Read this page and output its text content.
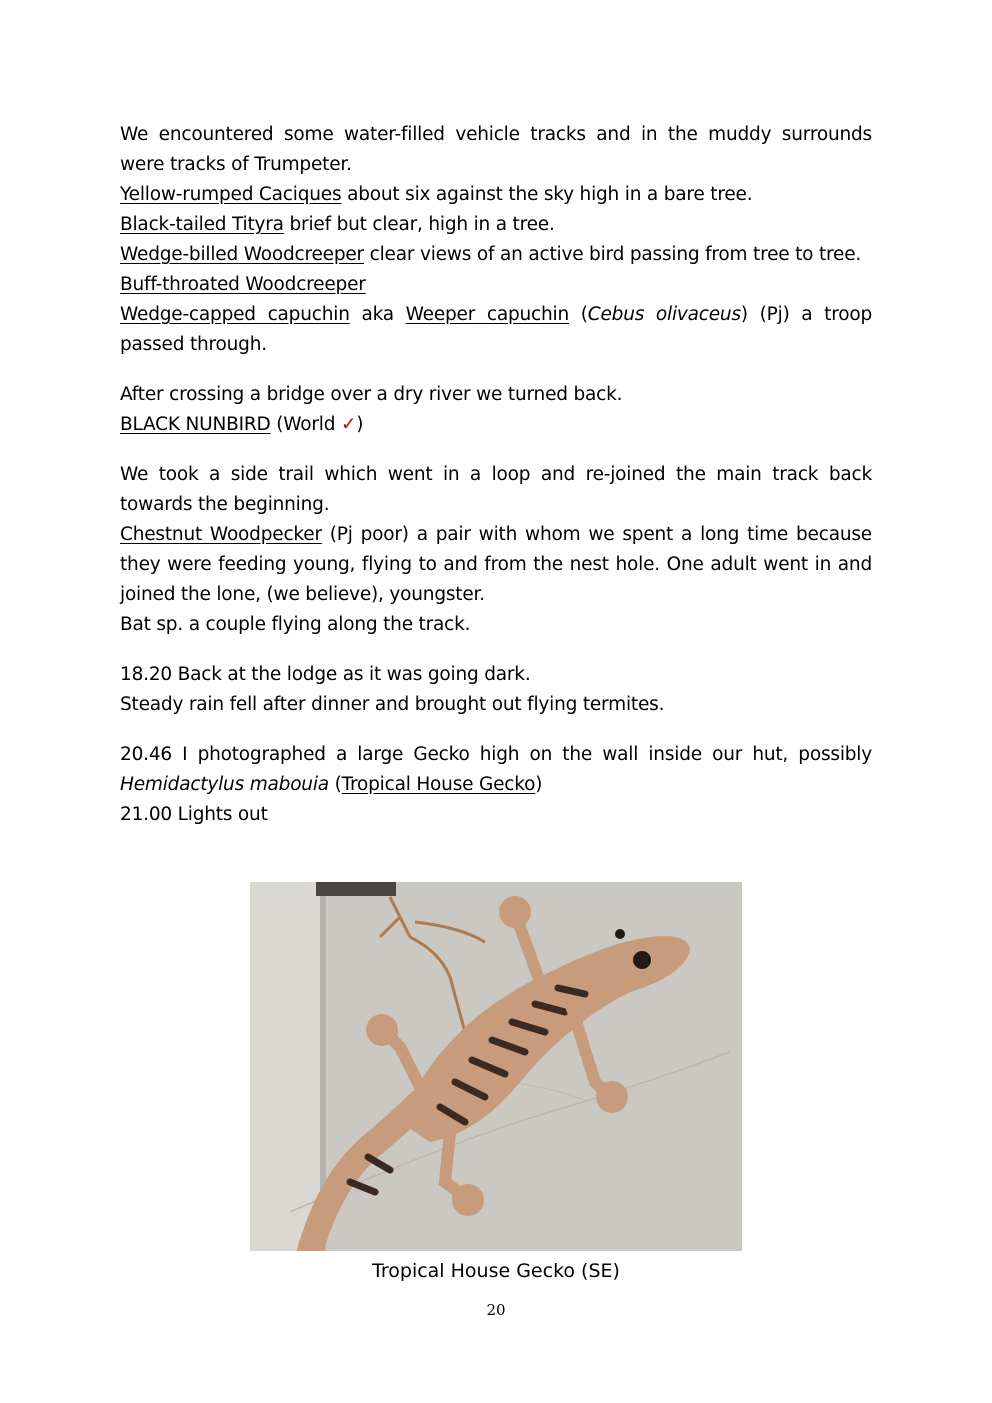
We encountered some water-filled vehicle tracks and in the muddy surrounds were tracks of Trumpeter.

Yellow-rumped Caciques about six against the sky high in a bare tree.

Black-tailed Tityra brief but clear, high in a tree.

Wedge-billed Woodcreeper clear views of an active bird passing from tree to tree.

Buff-throated Woodcreeper

Wedge-capped capuchin aka Weeper capuchin (Cebus olivaceus) (Pj) a troop passed through.

After crossing a bridge over a dry river we turned back.

BLACK NUNBIRD (World ✓)

We took a side trail which went in a loop and re-joined the main track back towards the beginning.

Chestnut Woodpecker (Pj poor) a pair with whom we spent a long time because they were feeding young, flying to and from the nest hole. One adult went in and joined the lone, (we believe), youngster.

Bat sp. a couple flying along the track.

18.20 Back at the lodge as it was going dark.

Steady rain fell after dinner and brought out flying termites.

20.46 I photographed a large Gecko high on the wall inside our hut, possibly Hemidactylus mabouia (Tropical House Gecko)

21.00 Lights out

Tropical House Gecko (SE)
20
